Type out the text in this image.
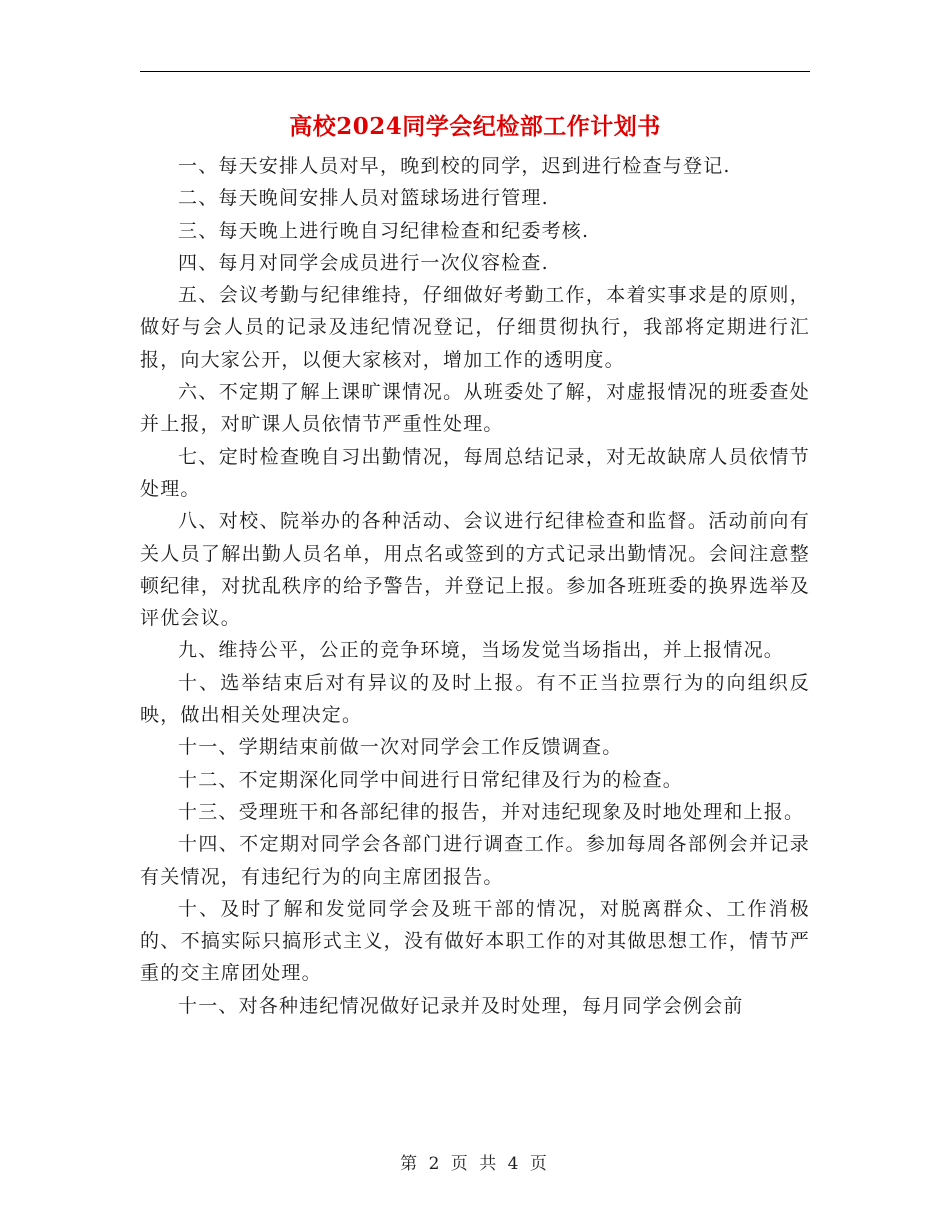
高校2024同学会纪检部工作计划书

一、每天安排人员对早，晚到校的同学，迟到进行检查与登记.

二、每天晚间安排人员对篮球场进行管理.

三、每天晚上进行晚自习纪律检查和纪委考核.

四、每月对同学会成员进行一次仪容检查.

五、会议考勤与纪律维持，仔细做好考勤工作，本着实事求是的原则，做好与会人员的记录及违纪情况登记，仔细贯彻执行，我部将定期进行汇报，向大家公开，以便大家核对，增加工作的透明度。

六、不定期了解上课旷课情况。从班委处了解，对虚报情况的班委查处并上报，对旷课人员依情节严重性处理。

七、定时检查晚自习出勤情况，每周总结记录，对无故缺席人员依情节处理。

八、对校、院举办的各种活动、会议进行纪律检查和监督。活动前向有关人员了解出勤人员名单，用点名或签到的方式记录出勤情况。会间注意整顿纪律，对扰乱秩序的给予警告，并登记上报。参加各班班委的换界选举及评优会议。

九、维持公平，公正的竞争环境，当场发觉当场指出，并上报情况。

十、选举结束后对有异议的及时上报。有不正当拉票行为的向组织反映，做出相关处理决定。

十一、学期结束前做一次对同学会工作反馈调查。

十二、不定期深化同学中间进行日常纪律及行为的检查。

十三、受理班干和各部纪律的报告，并对违纪现象及时地处理和上报。

十四、不定期对同学会各部门进行调查工作。参加每周各部例会并记录有关情况，有违纪行为的向主席团报告。

十、及时了解和发觉同学会及班干部的情况，对脱离群众、工作消极的、不搞实际只搞形式主义，没有做好本职工作的对其做思想工作，情节严重的交主席团处理。

十一、对各种违纪情况做好记录并及时处理，每月同学会例会前

第 2 页 共 4 页
